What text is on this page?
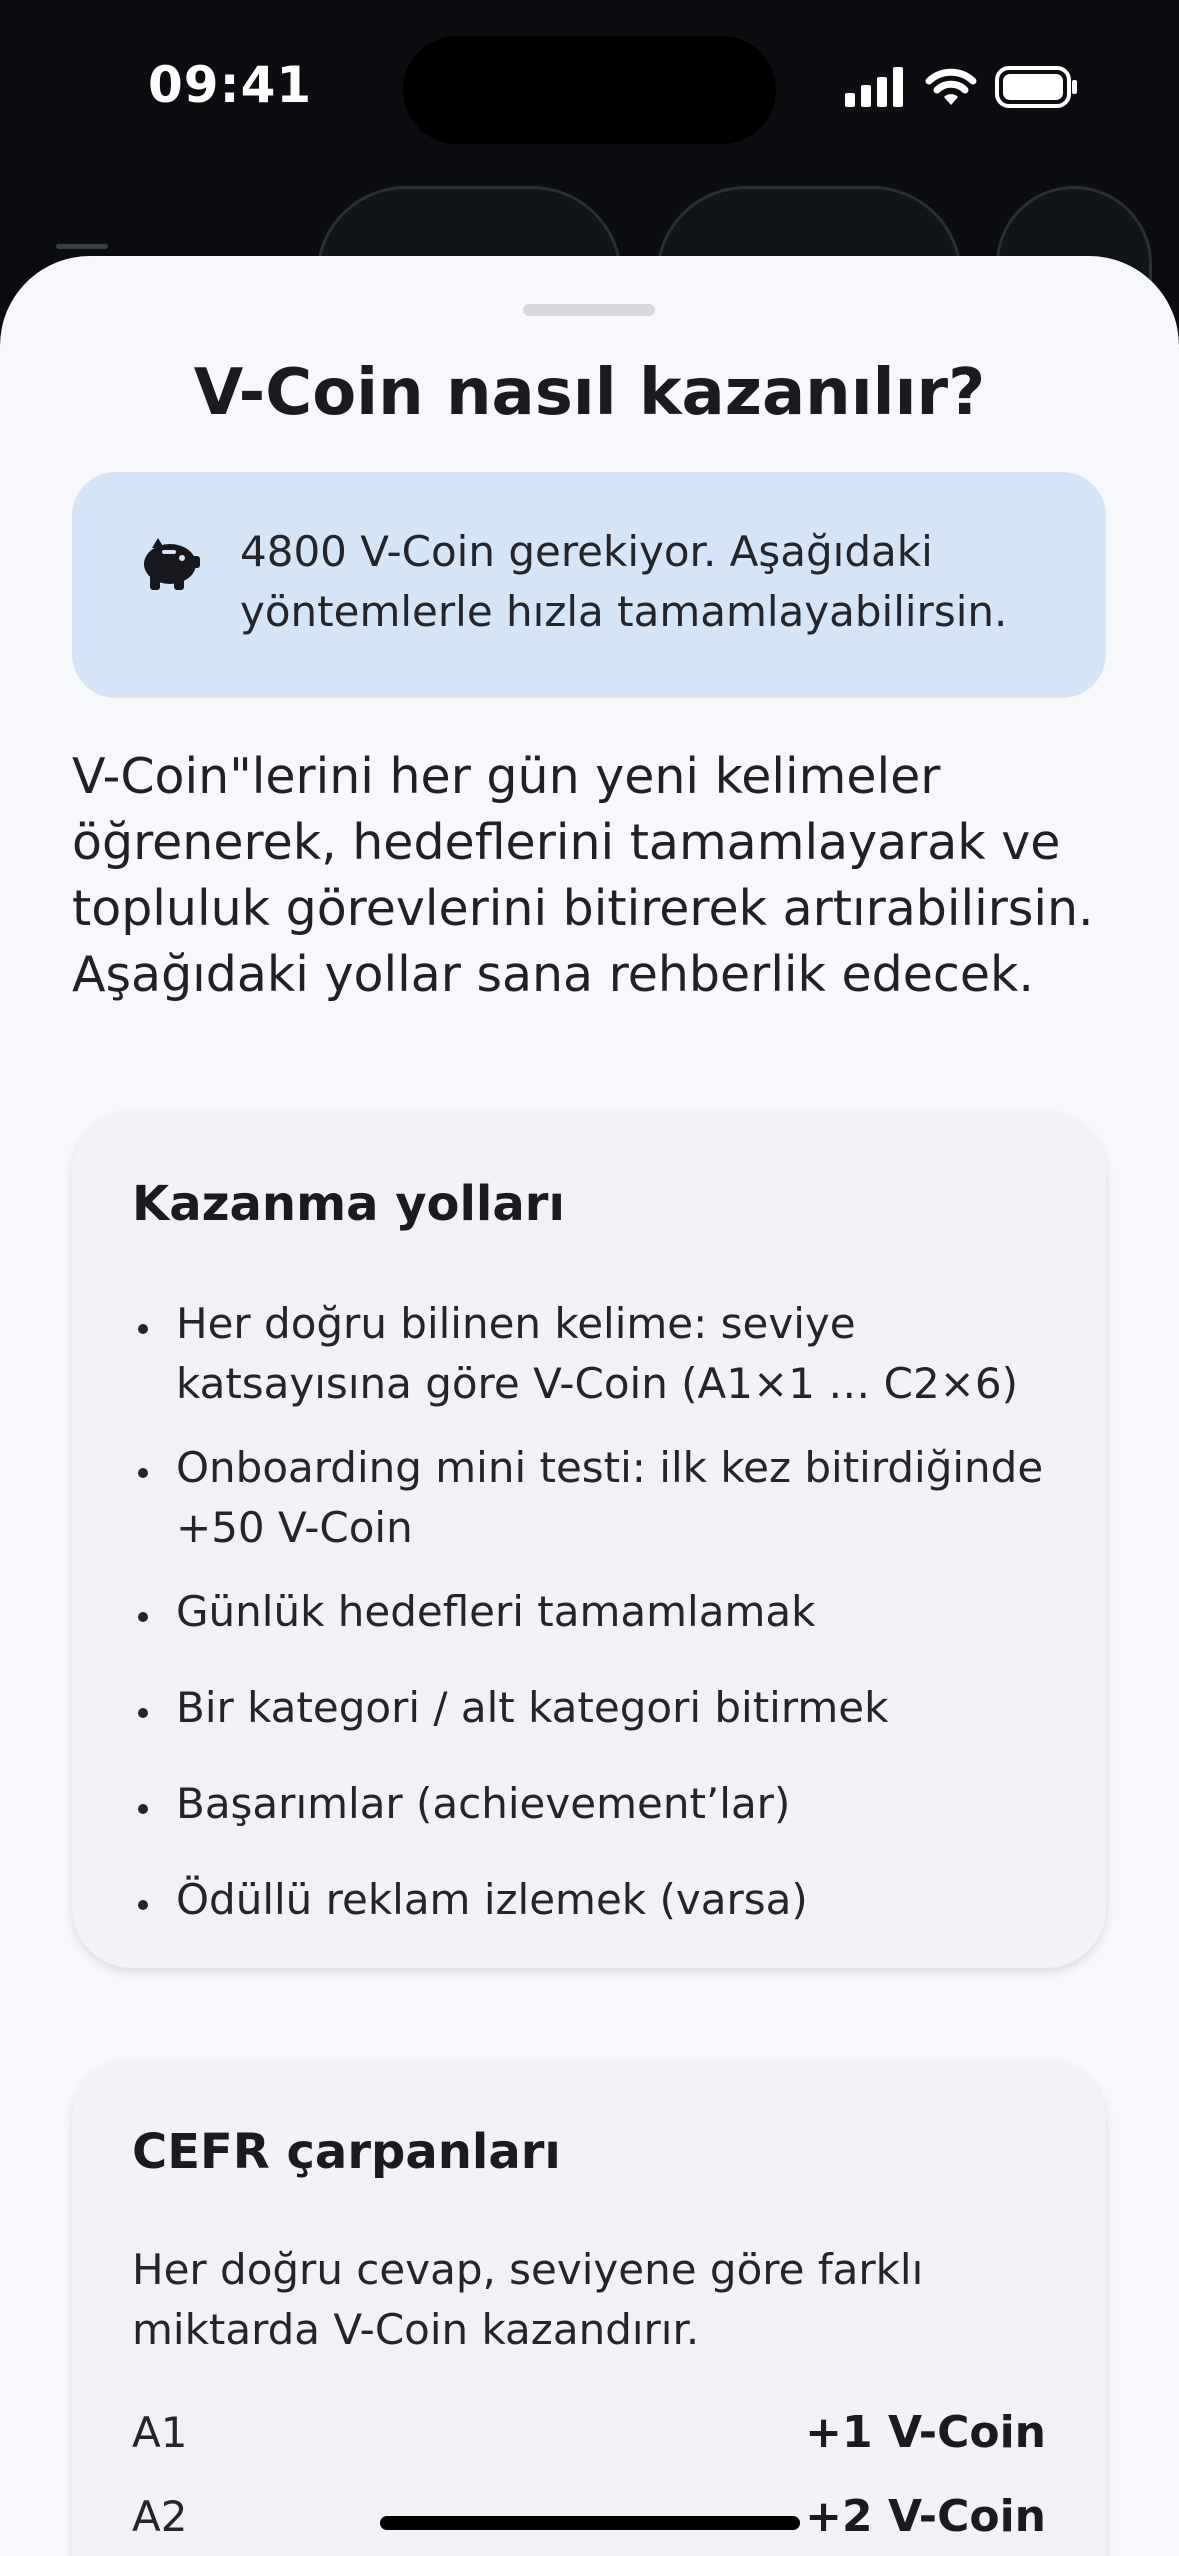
09:41
V-Coin nasıl kazanılır?
4800 V-Coin gerekiyor. Aşağıdaki yöntemlerle hızla tamamlayabilirsin.
V-Coin"lerini her gün yeni kelimeler öğrenerek, hedeflerini tamamlayarak ve topluluk görevlerini bitirerek artırabilirsin. Aşağıdaki yollar sana rehberlik edecek.
Kazanma yolları
Her doğru bilinen kelime: seviye katsayısına göre V-Coin (A1×1 … C2×6)
Onboarding mini testi: ilk kez bitirdiğinde +50 V-Coin
Günlük hedefleri tamamlamak
Bir kategori / alt kategori bitirmek
Başarımlar (achievement’lar)
Ödüllü reklam izlemek (varsa)
CEFR çarpanları
Her doğru cevap, seviyene göre farklı miktarda V-Coin kazandırır.
A1	+1 V-Coin
A2	+2 V-Coin
